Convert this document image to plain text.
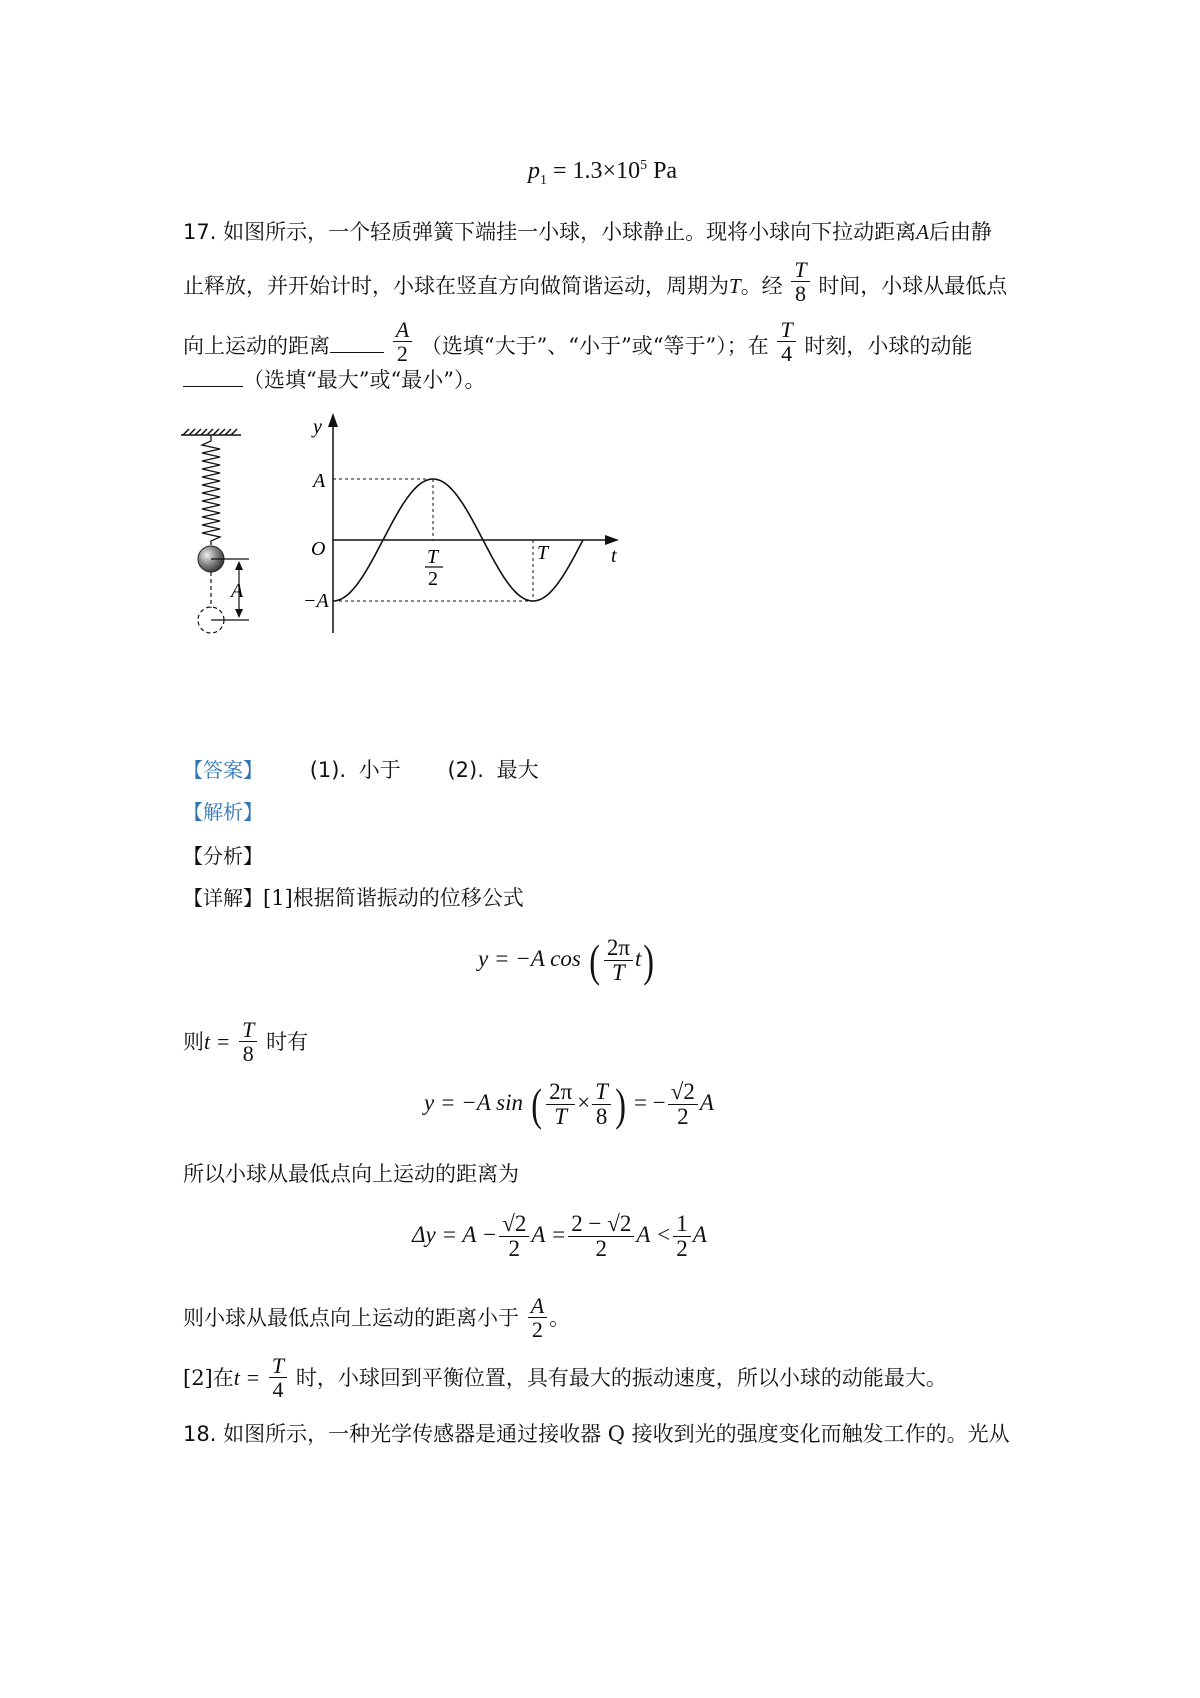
$p_1 = 1.3\times 10^5$ Pa
17. 如图所示，一个轻质弹簧下端挂一小球，小球静止。现将小球向下拉动距离A后由静
止释放，并开始计时，小球在竖直方向做简谐运动，周期为T。经 $\frac{T}{8}$ 时间，小球从最低点
向上运动的距离	$\frac{A}{2}$ （选填“大于”、“小于”或“等于”）；在 $\frac{T}{4}$ 时刻，小球的动能
（选填“最大”或“最小”）。
A
y
t
O
A
−A
T
2
T
【答案】 (1). 小于 (2). 最大
【解析】
【分析】
【详解】[1]根据简谐振动的位移公式
y = −A cos ( $\frac{2\pi}{T} t$)
则$t = \frac{T}{8}$ 时有
y = −A sin ( $\frac{2\pi}{T} \times \frac{T}{8}$ ) = − $\frac{√2}{2}$ A
所以小球从最低点向上运动的距离为
$\Delta y = A - \frac{√2}{2}$ $A = \frac{2 - √2}{2}$ $A < \frac{1}{2}$ A
则小球从最低点向上运动的距离小于 $\frac{A}{2}$ 。
[2]在$t = \frac{T}{4}$ 时，小球回到平衡位置，具有最大的振动速度，所以小球的动能最大。
18. 如图所示，一种光学传感器是通过接收器 Q 接收到光的强度变化而触发工作的。光从
